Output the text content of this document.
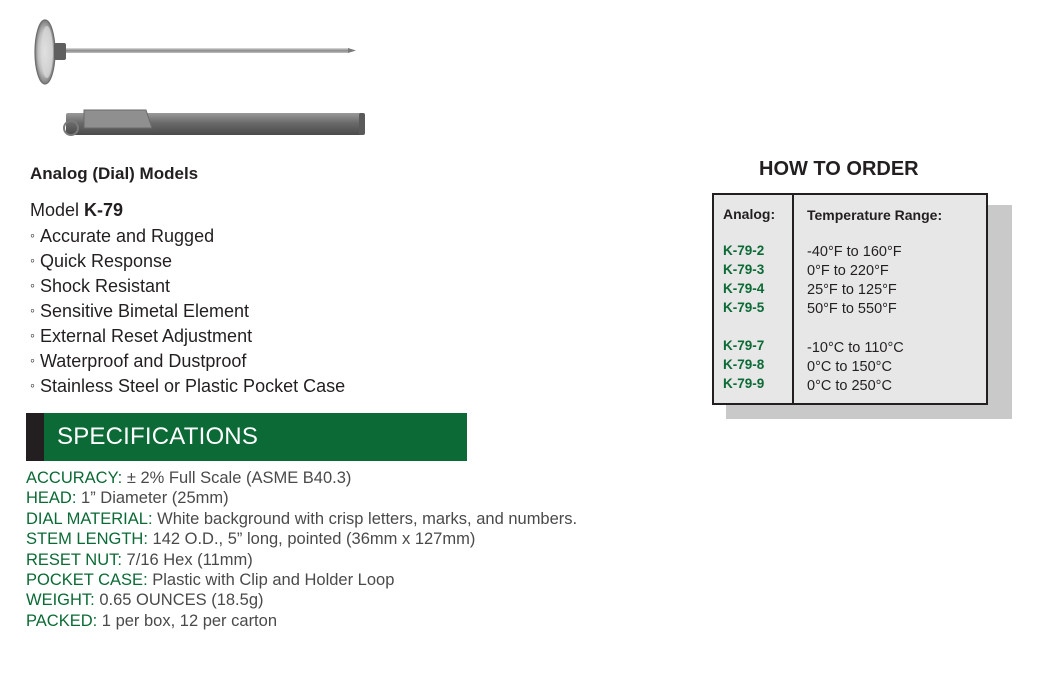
Analog (Dial) Models
Model K-79
◦ Accurate and Rugged
◦ Quick Response
◦ Shock Resistant
◦ Sensitive Bimetal Element
◦ External Reset Adjustment
◦ Waterproof and Dustproof
◦ Stainless Steel or Plastic Pocket Case
SPECIFICATIONS
ACCURACY: ± 2% Full Scale (ASME B40.3)
HEAD: 1” Diameter (25mm)
DIAL MATERIAL: White background with crisp letters, marks, and numbers.
STEM LENGTH: 142 O.D., 5” long, pointed (36mm x 127mm)
RESET NUT: 7/16 Hex (11mm)
POCKET CASE: Plastic with Clip and Holder Loop
WEIGHT: 0.65 OUNCES (18.5g)
PACKED: 1 per box, 12 per carton
HOW TO ORDER
Analog: Temperature Range:
K-79-2	-40°F to 160°F
K-79-3	0°F to 220°F
K-79-4	25°F to 125°F
K-79-5	50°F to 550°F
K-79-7	-10°C to 110°C
K-79-8	0°C to 150°C
K-79-9	0°C to 250°C
